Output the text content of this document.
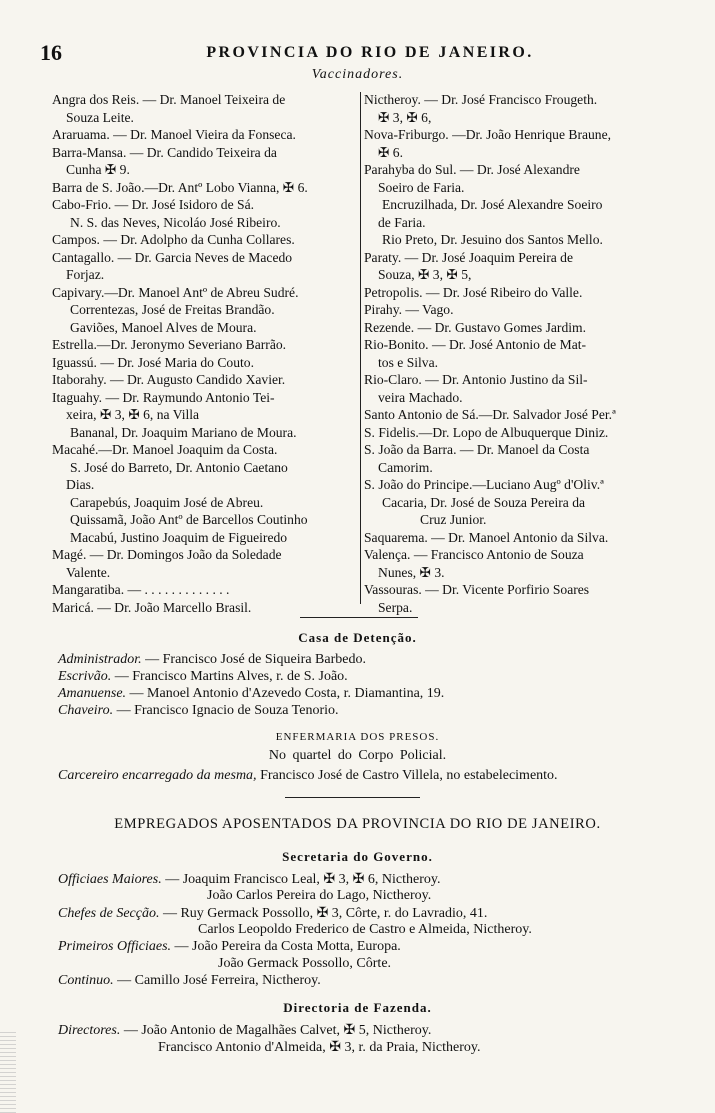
16	PROVINCIA DO RIO DE JANEIRO.
Vaccinadores.
Angra dos Reis. — Dr. Manoel Teixeira de
Souza Leite.
Araruama. — Dr. Manoel Vieira da Fonseca.
Barra-Mansa. — Dr. Candido Teixeira da
Cunha ✠ 9.
Barra de S. João.—Dr. Antº Lobo Vianna, ✠ 6.
Cabo-Frio. — Dr. José Isidoro de Sá.
N. S. das Neves, Nicoláo José Ribeiro.
Campos. — Dr. Adolpho da Cunha Collares.
Cantagallo. — Dr. Garcia Neves de Macedo
Forjaz.
Capivary.—Dr. Manoel Antº de Abreu Sudré.
Correntezas, José de Freitas Brandão.
Gaviões, Manoel Alves de Moura.
Estrella.—Dr. Jeronymo Severiano Barrão.
Iguassú. — Dr. José Maria do Couto.
Itaborahy. — Dr. Augusto Candido Xavier.
Itaguahy. — Dr. Raymundo Antonio Tei-
xeira, ✠ 3, ✠ 6, na Villa
Bananal, Dr. Joaquim Mariano de Moura.
Macahé.—Dr. Manoel Joaquim da Costa.
S. José do Barreto, Dr. Antonio Caetano
Dias.
Carapebús, Joaquim José de Abreu.
Quissamã, João Antº de Barcellos Coutinho
Macabú, Justino Joaquim de Figueiredo
Magé. — Dr. Domingos João da Soledade
Valente.
Mangaratiba. — . . . . . . . . . . . . .
Maricá. — Dr. João Marcello Brasil.
Nictheroy. — Dr. José Francisco Frougeth.
✠ 3, ✠ 6,
Nova-Friburgo. —Dr. João Henrique Braune,
✠ 6.
Parahyba do Sul. — Dr. José Alexandre
Soeiro de Faria.
Encruzilhada, Dr. José Alexandre Soeiro
de Faria.
Rio Preto, Dr. Jesuino dos Santos Mello.
Paraty. — Dr. José Joaquim Pereira de
Souza, ✠ 3, ✠ 5,
Petropolis. — Dr. José Ribeiro do Valle.
Pirahy. — Vago.
Rezende. — Dr. Gustavo Gomes Jardim.
Rio-Bonito. — Dr. José Antonio de Mat-
tos e Silva.
Rio-Claro. — Dr. Antonio Justino da Sil-
veira Machado.
Santo Antonio de Sá.—Dr. Salvador José Per.ª
S. Fidelis.—Dr. Lopo de Albuquerque Diniz.
S. João da Barra. — Dr. Manoel da Costa
Camorim.
S. João do Principe.—Luciano Augº d'Oliv.ª
Cacaria, Dr. José de Souza Pereira da
Cruz Junior.
Saquarema. — Dr. Manoel Antonio da Silva.
Valença. — Francisco Antonio de Souza
Nunes, ✠ 3.
Vassouras. — Dr. Vicente Porfirio Soares
Serpa.
Casa de Detenção.
Administrador. — Francisco José de Siqueira Barbedo.
Escrivão. — Francisco Martins Alves, r. de S. João.
Amanuense. — Manoel Antonio d'Azevedo Costa, r. Diamantina, 19.
Chaveiro. — Francisco Ignacio de Souza Tenorio.
ENFERMARIA DOS PRESOS.
No quartel do Corpo Policial.
Carcereiro encarregado da mesma, Francisco José de Castro Villela, no estabelecimento.
EMPREGADOS APOSENTADOS DA PROVINCIA DO RIO DE JANEIRO.
Secretaria do Governo.
Officiaes Maiores. — Joaquim Francisco Leal, ✠ 3, ✠ 6, Nictheroy.
João Carlos Pereira do Lago, Nictheroy.
Chefes de Secção. — Ruy Germack Possollo, ✠ 3, Côrte, r. do Lavradio, 41.
Carlos Leopoldo Frederico de Castro e Almeida, Nictheroy.
Primeiros Officiaes. — João Pereira da Costa Motta, Europa.
João Germack Possollo, Côrte.
Continuo. — Camillo José Ferreira, Nictheroy.
Directoria de Fazenda.
Directores. — João Antonio de Magalhães Calvet, ✠ 5, Nictheroy.
Francisco Antonio d'Almeida, ✠ 3, r. da Praia, Nictheroy.
